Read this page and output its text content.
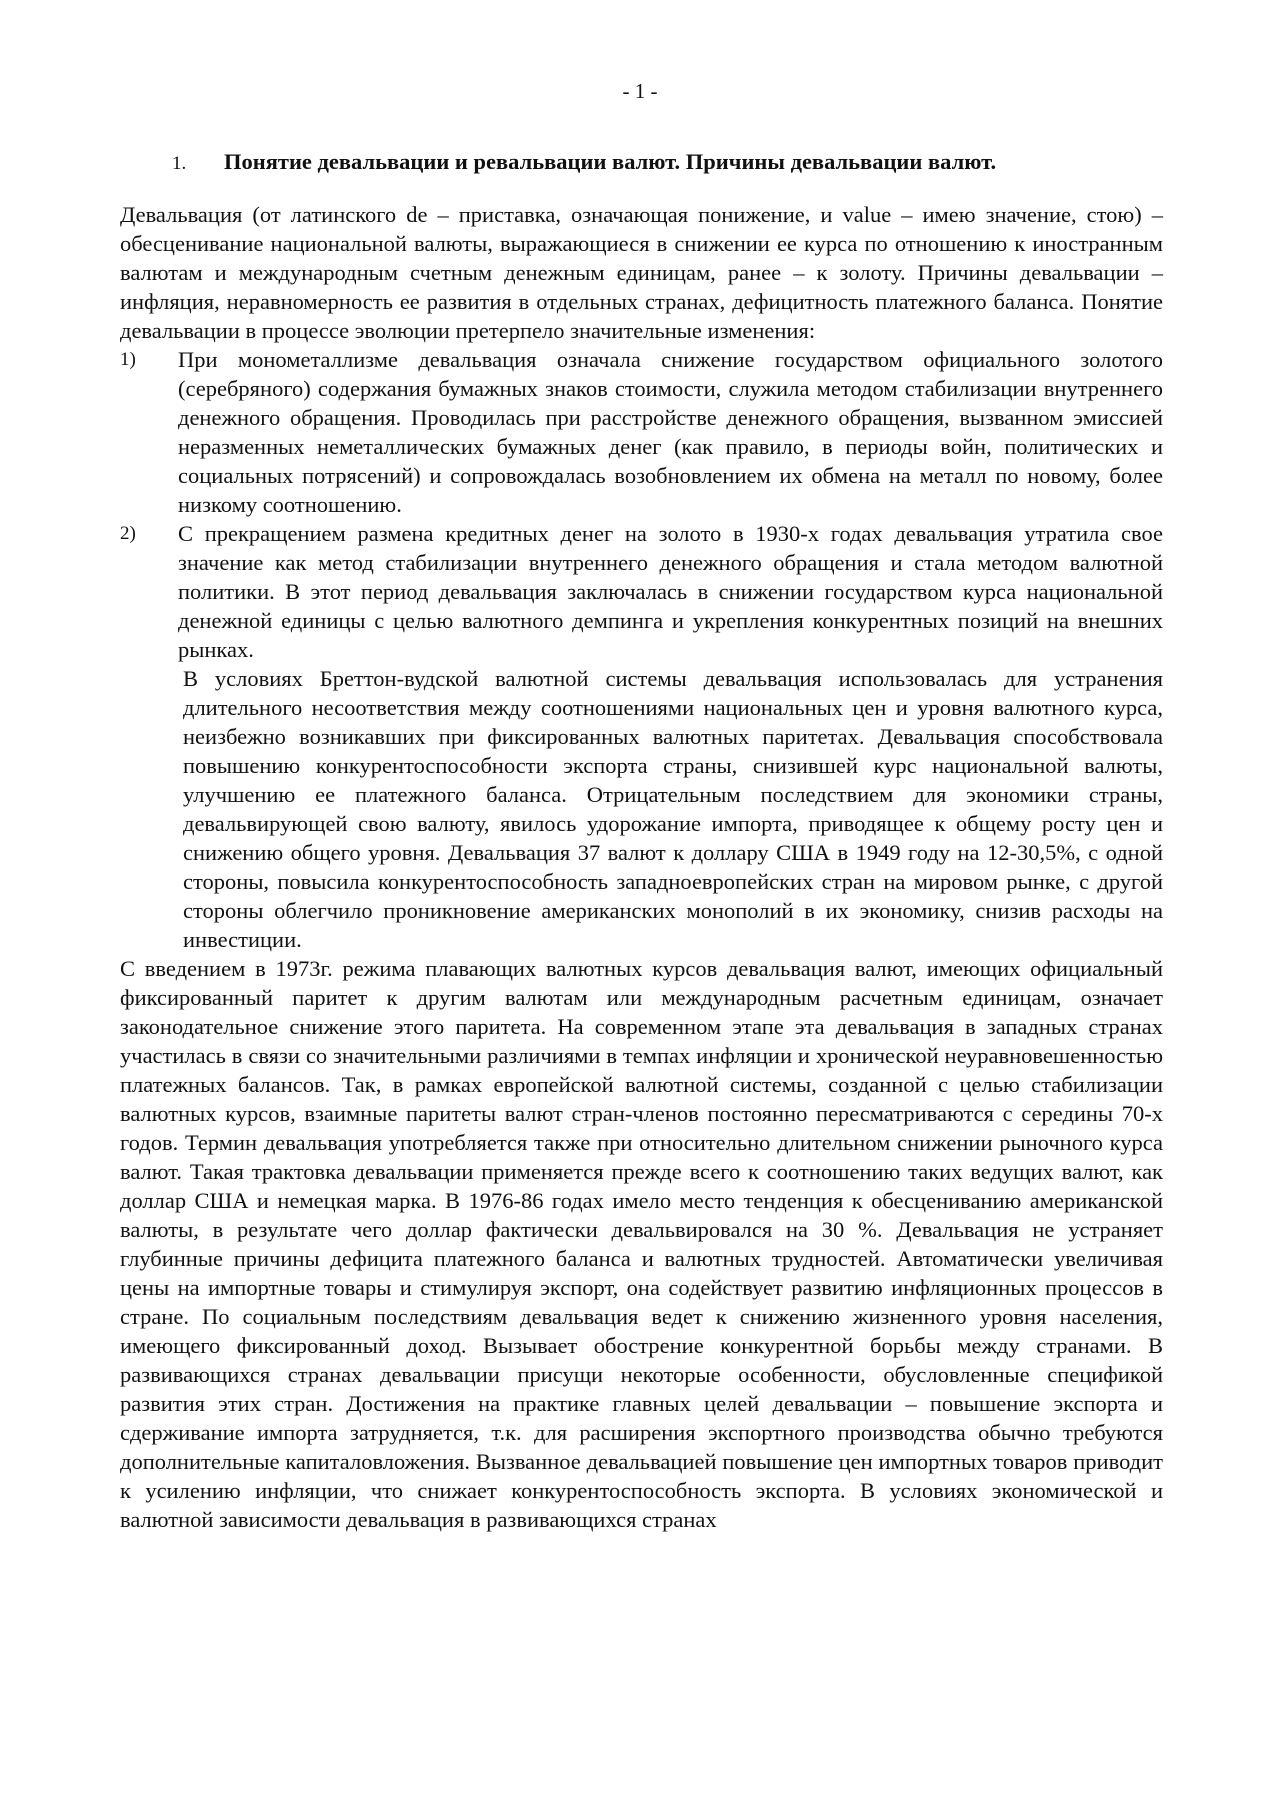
- 1 -
1. Понятие девальвации и ревальвации валют. Причины девальвации валют.

Девальвация (от латинского de – приставка, означающая понижение, и value – имею значение, стою) – обесценивание национальной валюты, выражающиеся в снижении ее курса по отношению к иностранным валютам и международным счетным денежным единицам, ранее – к золоту. Причины девальвации – инфляция, неравномерность ее развития в отдельных странах, дефицитность платежного баланса. Понятие девальвации в процессе эволюции претерпело значительные изменения:

1) При монометаллизме девальвация означала снижение государством официального золотого (серебряного) содержания бумажных знаков стоимости, служила методом стабилизации внутреннего денежного обращения. Проводилась при расстройстве денежного обращения, вызванном эмиссией неразменных неметаллических бумажных денег (как правило, в периоды войн, политических и социальных потрясений) и сопровождалась возобновлением их обмена на металл по новому, более низкому соотношению.

2) С прекращением размена кредитных денег на золото в 1930-х годах девальвация утратила свое значение как метод стабилизации внутреннего денежного обращения и стала методом валютной политики. В этот период девальвация заключалась в снижении государством курса национальной денежной единицы с целью валютного демпинга и укрепления конкурентных позиций на внешних рынках.

В условиях Бреттон-вудской валютной системы девальвация использовалась для устранения длительного несоответствия между соотношениями национальных цен и уровня валютного курса, неизбежно возникавших при фиксированных валютных паритетах. Девальвация способствовала повышению конкурентоспособности экспорта страны, снизившей курс национальной валюты, улучшению ее платежного баланса. Отрицательным последствием для экономики страны, девальвирующей свою валюту, явилось удорожание импорта, приводящее к общему росту цен и снижению общего уровня. Девальвация 37 валют к доллару США в 1949 году на 12-30,5%, с одной стороны, повысила конкурентоспособность западноевропейских стран на мировом рынке, с другой стороны облегчило проникновение американских монополий в их экономику, снизив расходы на инвестиции.

С введением в 1973г. режима плавающих валютных курсов девальвация валют, имеющих официальный фиксированный паритет к другим валютам или международным расчетным единицам, означает законодательное снижение этого паритета. На современном этапе эта девальвация в западных странах участилась в связи со значительными различиями в темпах инфляции и хронической неуравновешенностью платежных балансов. Так, в рамках европейской валютной системы, созданной с целью стабилизации валютных курсов, взаимные паритеты валют стран-членов постоянно пересматриваются с середины 70-х годов. Термин девальвация употребляется также при относительно длительном снижении рыночного курса валют. Такая трактовка девальвации применяется прежде всего к соотношению таких ведущих валют, как доллар США и немецкая марка. В 1976-86 годах имело место тенденция к обесцениванию американской валюты, в результате чего доллар фактически девальвировался на 30 %. Девальвация не устраняет глубинные причины дефицита платежного баланса и валютных трудностей. Автоматически увеличивая цены на импортные товары и стимулируя экспорт, она содействует развитию инфляционных процессов в стране. По социальным последствиям девальвация ведет к снижению жизненного уровня населения, имеющего фиксированный доход. Вызывает обострение конкурентной борьбы между странами. В развивающихся странах девальвации присущи некоторые особенности, обусловленные спецификой развития этих стран. Достижения на практике главных целей девальвации – повышение экспорта и сдерживание импорта затрудняется, т.к. для расширения экспортного производства обычно требуются дополнительные капиталовложения. Вызванное девальвацией повышение цен импортных товаров приводит к усилению инфляции, что снижает конкурентоспособность экспорта. В условиях экономической и валютной зависимости девальвация в развивающихся странах
